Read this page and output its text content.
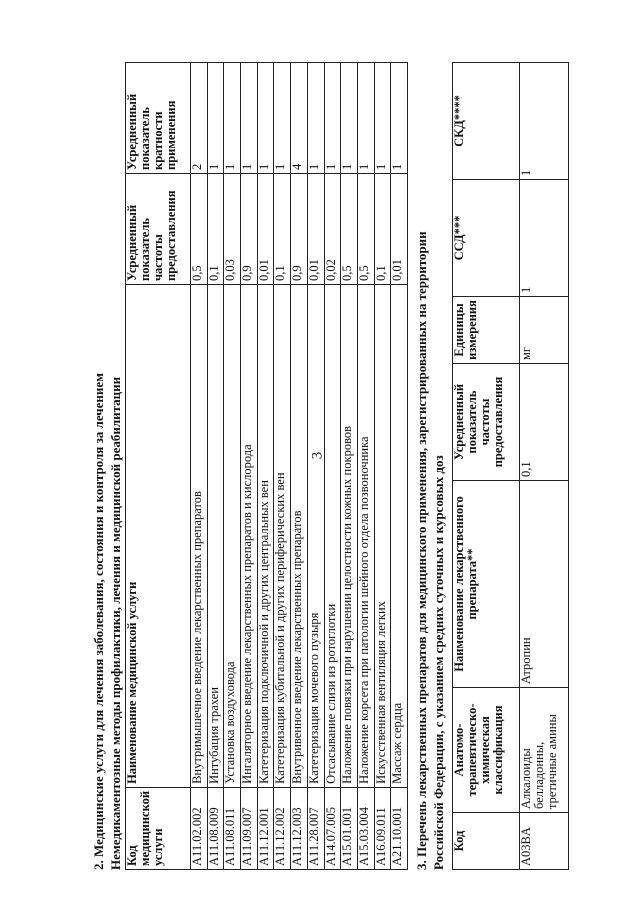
3
2. Медицинские услуги для лечения заболевания, состояния и контроля за лечением Немедикаментозные методы профилактики, лечения и медицинской реабилитации Код медицинской услуги	Наименование медицинской услуги	Усредненный показатель частоты предоставления	Усредненный показатель кратности применения
A11.02.002	Внутримышечное введение лекарственных препаратов	0,5	2
A11.08.009	Интубация трахеи	0,1	1
A11.08.011	Установка воздуховода	0,03	1
A11.09.007	Ингаляторное введение лекарственных препаратов и кислорода	0,9	1
A11.12.001	Катетеризация подключичной и других центральных вен	0,01	1
A11.12.002	Катетеризация кубитальной и других периферических вен	0,1	1
A11.12.003	Внутривенное введение лекарственных препаратов	0,9	4
A11.28.007	Катетеризация мочевого пузыря	0,01	1
A14.07.005	Отсасывание слизи из ротоглотки	0,02	1
A15.01.001	Наложение повязки при нарушении целостности кожных покровов	0,5	1
A15.03.004	Наложение корсета при патологии шейного отдела позвоночника	0,5	1
A16.09.011	Искусственная вентиляция легких	0,1	1
A21.10.001	Массаж сердца	0,01	1
3. Перечень лекарственных препаратов для медицинского применения, зарегистрированных на территории Российской Федерации, с указанием средних суточных и курсовых доз Код	Анатомо-терапевтическо-химическая классификация	Наименование лекарственного препарата**	Усредненный показатель частоты предоставления	Единицы измерения	ССД***	СКД****
A03BA	Алкалоиды белладонны, третичные амины	Атропин	0,1	мг	1	1
